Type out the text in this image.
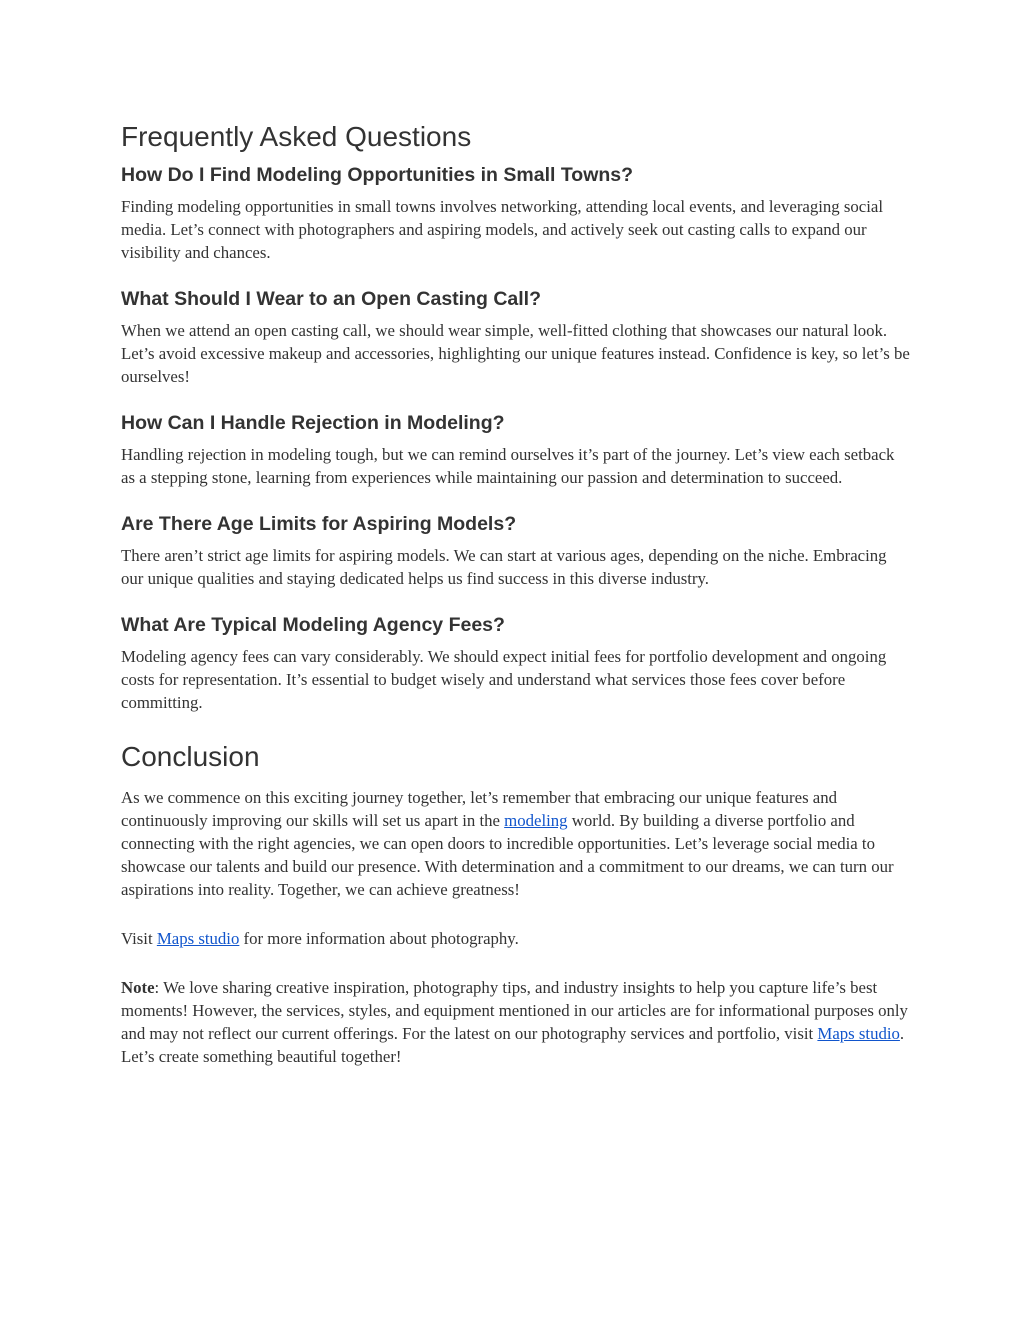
Frequently Asked Questions
How Do I Find Modeling Opportunities in Small Towns?

Finding modeling opportunities in small towns involves networking, attending local events, and leveraging social media. Let’s connect with photographers and aspiring models, and actively seek out casting calls to expand our visibility and chances.

What Should I Wear to an Open Casting Call?

When we attend an open casting call, we should wear simple, well-fitted clothing that showcases our natural look. Let’s avoid excessive makeup and accessories, highlighting our unique features instead. Confidence is key, so let’s be ourselves!

How Can I Handle Rejection in Modeling?

Handling rejection in modeling tough, but we can remind ourselves it’s part of the journey. Let’s view each setback as a stepping stone, learning from experiences while maintaining our passion and determination to succeed.

Are There Age Limits for Aspiring Models?

There aren’t strict age limits for aspiring models. We can start at various ages, depending on the niche. Embracing our unique qualities and staying dedicated helps us find success in this diverse industry.

What Are Typical Modeling Agency Fees?

Modeling agency fees can vary considerably. We should expect initial fees for portfolio development and ongoing costs for representation. It’s essential to budget wisely and understand what services those fees cover before committing.

Conclusion

As we commence on this exciting journey together, let’s remember that embracing our unique features and continuously improving our skills will set us apart in the modeling world. By building a diverse portfolio and connecting with the right agencies, we can open doors to incredible opportunities. Let’s leverage social media to showcase our talents and build our presence. With determination and a commitment to our dreams, we can turn our aspirations into reality. Together, we can achieve greatness!

Visit Maps studio for more information about photography.

Note: We love sharing creative inspiration, photography tips, and industry insights to help you capture life’s best moments! However, the services, styles, and equipment mentioned in our articles are for informational purposes only and may not reflect our current offerings. For the latest on our photography services and portfolio, visit Maps studio. Let’s create something beautiful together!
